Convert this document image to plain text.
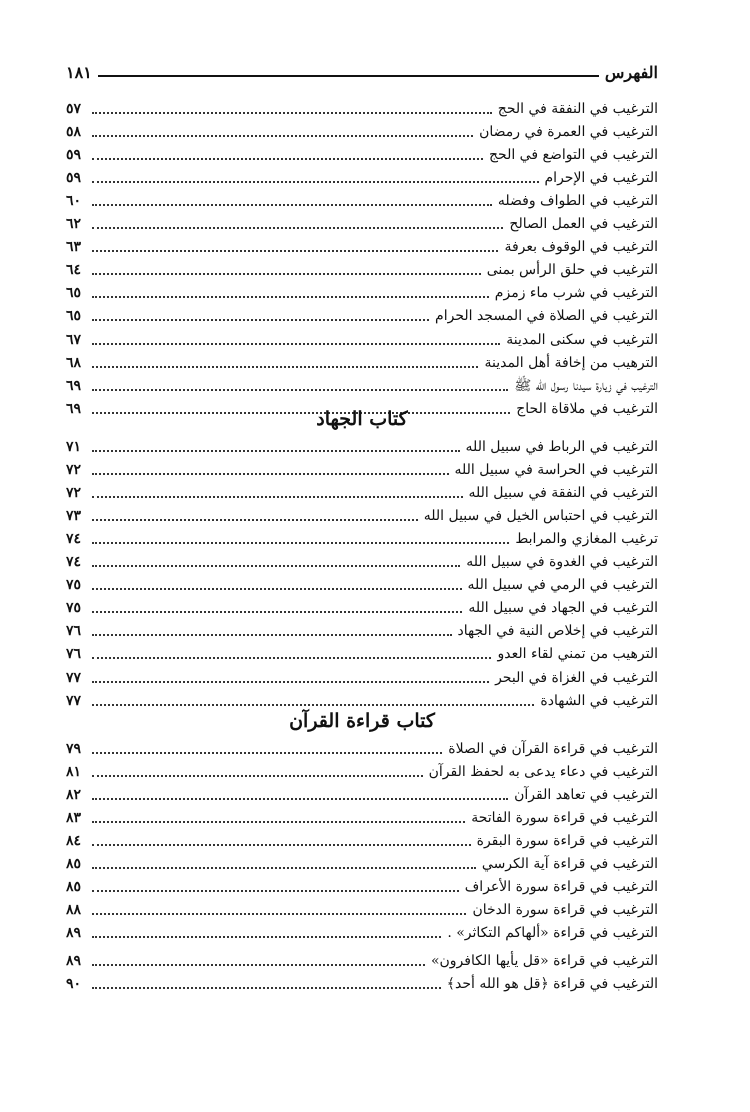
الفهرس
١٨١
الترغيب في النفقة في الحج
٥٧
الترغيب في العمرة في رمضان
٥٨
الترغيب في التواضع في الحج
٥٩
الترغيب في الإحرام
٥٩
الترغيب في الطواف وفضله
٦٠
الترغيب في العمل الصالح
٦٢
الترغيب في الوقوف بعرفة
٦٣
الترغيب في حلق الرأس بمنى
٦٤
الترغيب في شرب ماء زمزم
٦٥
الترغيب في الصلاة في المسجد الحرام
٦٥
الترغيب في سكنى المدينة
٦٧
الترهيب من إخافة أهل المدينة
٦٨
الترغيب في زيارة سيدنا رسول الله ﷺ
٦٩
الترغيب في ملاقاة الحاج
٦٩	كتاب الجهاد
الترغيب في الرباط في سبيل الله
٧١
الترغيب في الحراسة في سبيل الله
٧٢
الترغيب في النفقة في سبيل الله
٧٢
الترغيب في احتباس الخيل في سبيل الله
٧٣
ترغيب المغازي والمرابط
٧٤
الترغيب في الغدوة في سبيل الله
٧٤
الترغيب في الرمي في سبيل الله
٧٥
الترغيب في الجهاد في سبيل الله
٧٥
الترغيب في إخلاص النية في الجهاد
٧٦
الترهيب من تمني لقاء العدو
٧٦
الترغيب في الغزاة في البحر
٧٧
الترغيب في الشهادة
٧٧
كتاب قراءة القرآن
الترغيب في قراءة القرآن في الصلاة
٧٩
الترغيب في دعاء يدعى به لحفظ القرآن
٨١
الترغيب في تعاهد القرآن
٨٢
الترغيب في قراءة سورة الفاتحة
٨٣
الترغيب في قراءة سورة البقرة
٨٤
الترغيب في قراءة آية الكرسي
٨٥
الترغيب في قراءة سورة الأعراف
٨٥
الترغيب في قراءة سورة الدخان
٨٨
الترغيب في قراءة «ألهاكم التكاثر» .
٨٩
الترغيب في قراءة «قل يأيها الكافرون»
٨٩
الترغيب في قراءة ﴿قل هو الله أحد﴾
٩٠
